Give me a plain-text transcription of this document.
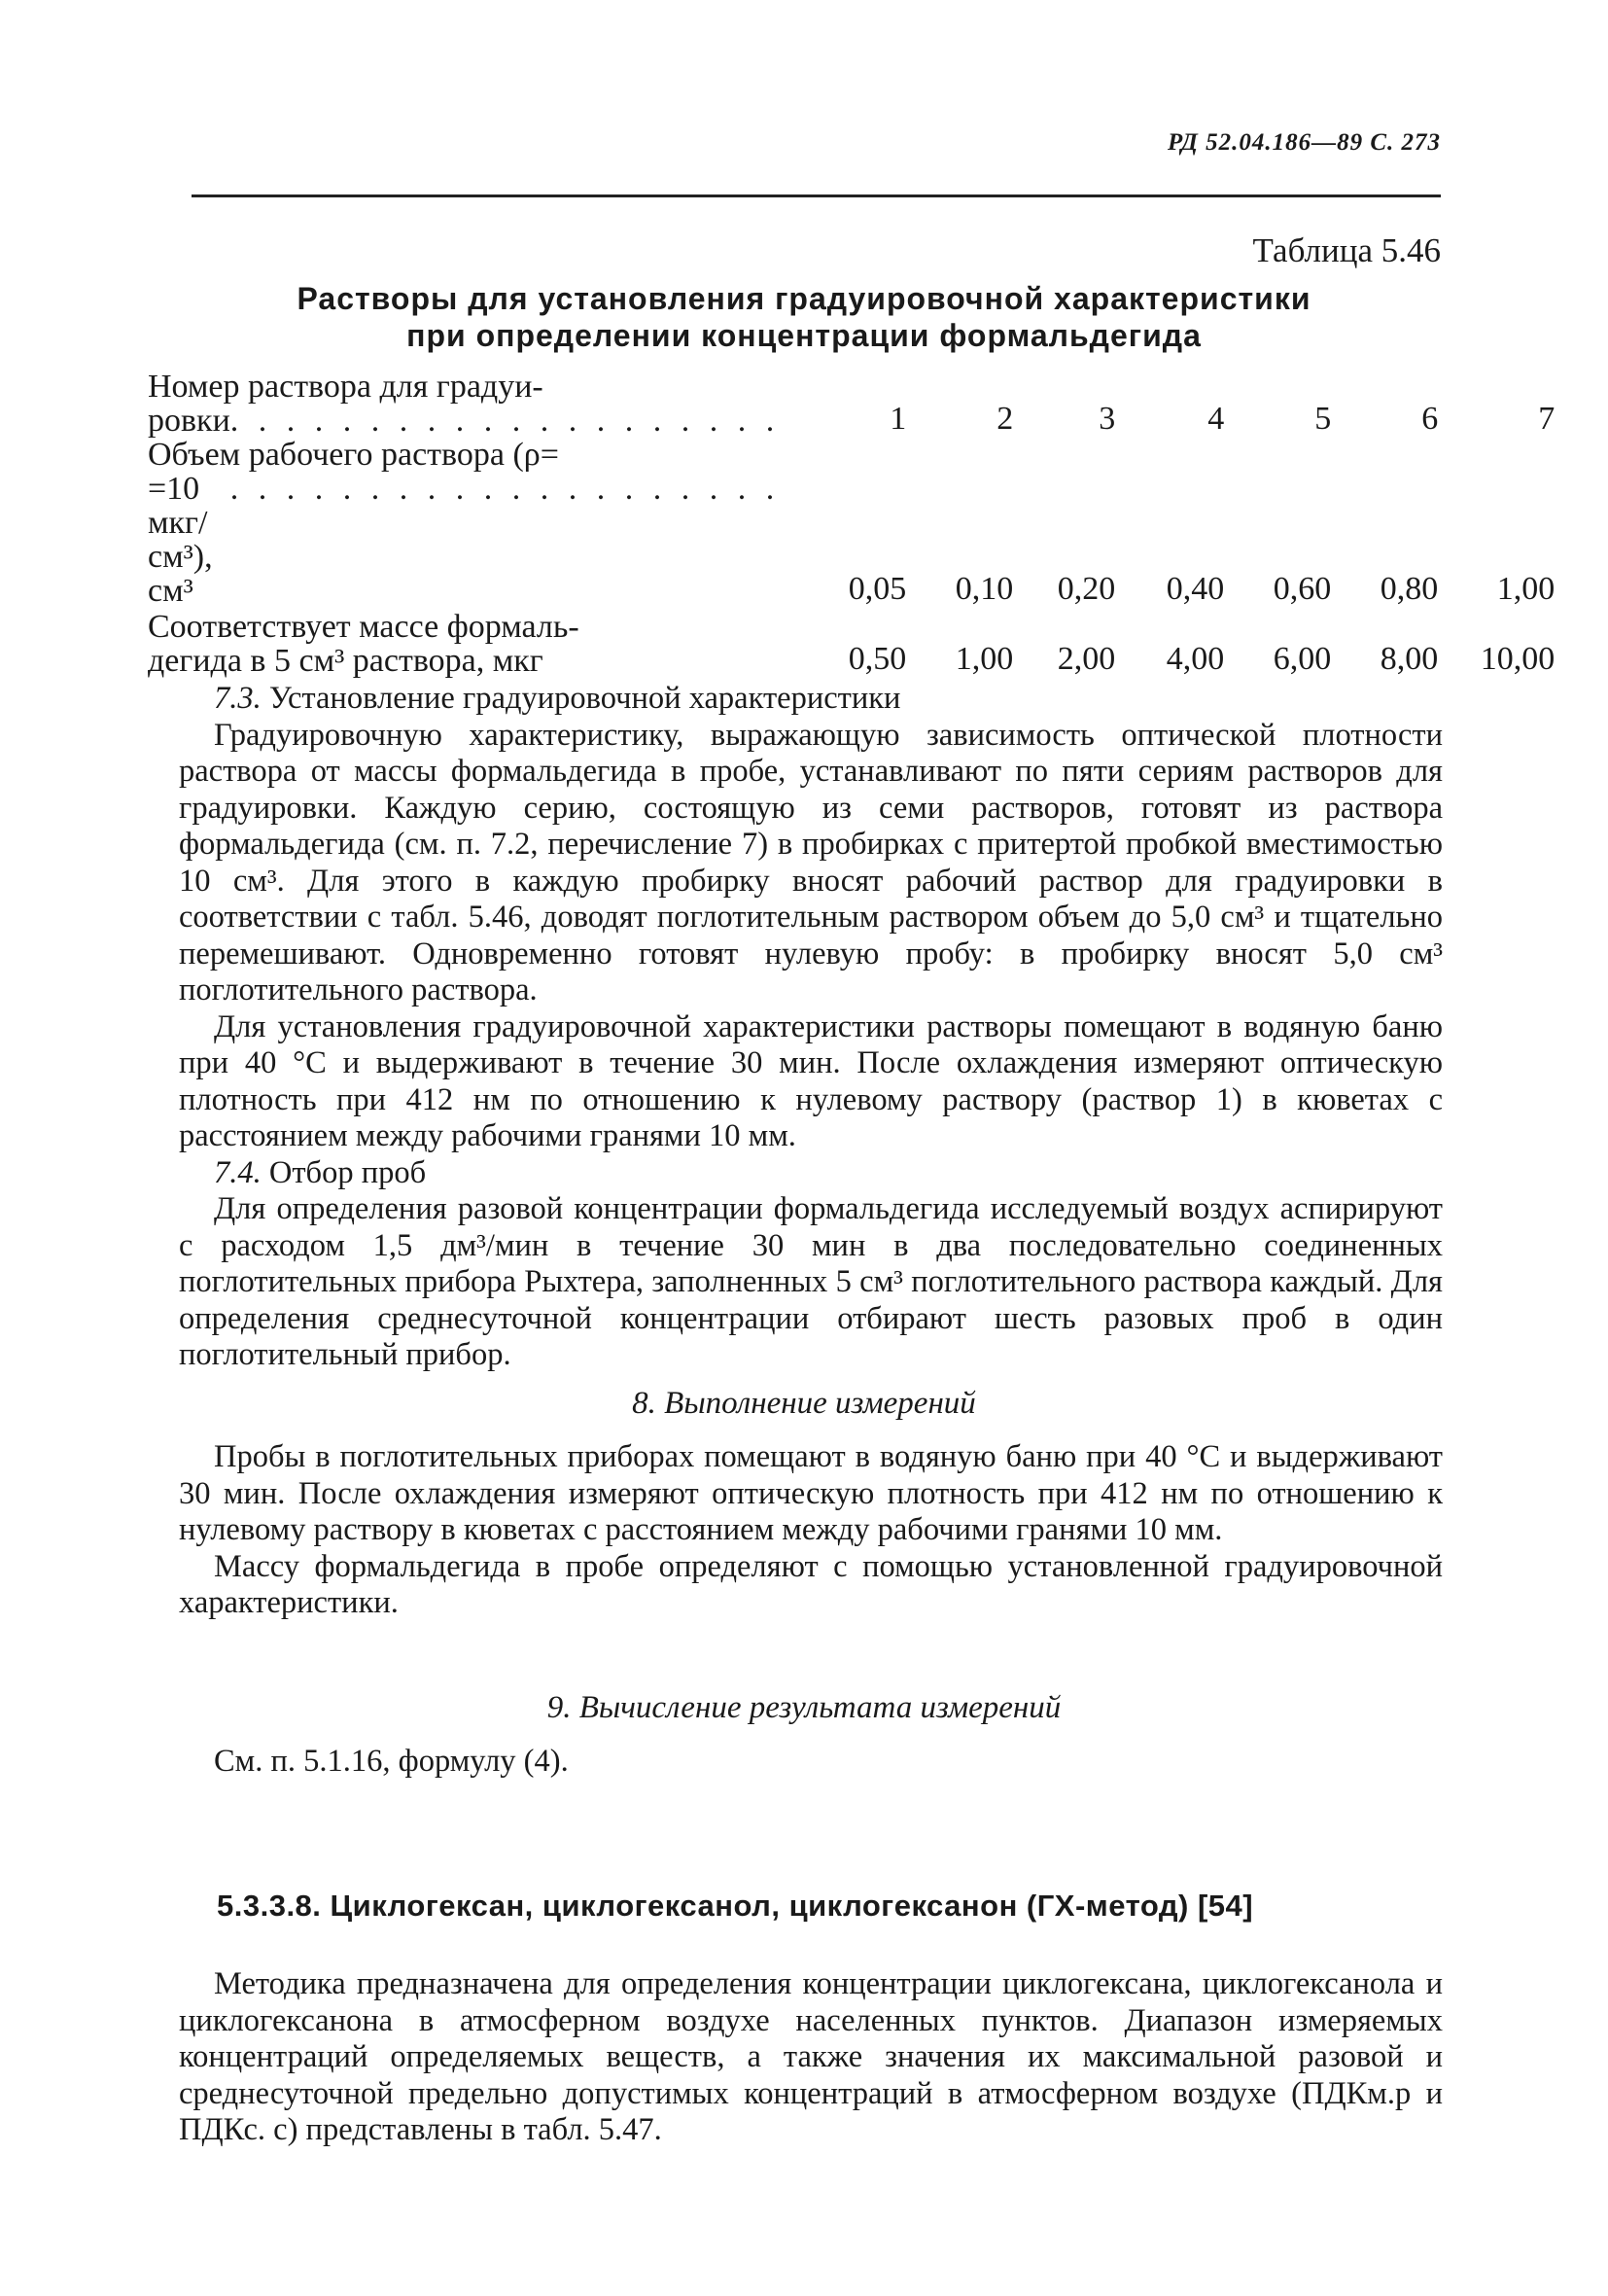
РД 52.04.186—89 С. 273
Таблица 5.46
Растворы для установления градуировочной характеристики
при определении концентрации формальдегида
Номер раствора для градуи-
ровки . . . . . . . . . . . . . . . . . . . .	1	2	3	4	5	6	7

Объем рабочего раствора (ρ=
=10 мкг/см³), см³
. . . . . . . . . . . . . . . . . . . .	0,05	0,10	0,20	0,40	0,60	0,80	1,00

Соответствует массе формаль-
дегида в 5 см³ раствора, мкг	0,50	1,00	2,00	4,00	6,00	8,00	10,00

7.3. Установление градуировочной характеристики

Градуировочную характеристику, выражающую зависимость оптической плотности раствора от массы формальдегида в пробе, устанавливают по пяти сериям растворов для градуировки. Каждую серию, состоящую из семи растворов, готовят из раствора формальдегида (см. п. 7.2, перечисление 7) в пробирках с притертой пробкой вместимостью 10 см³. Для этого в каждую пробирку вносят рабочий раствор для градуировки в соответствии с табл. 5.46, доводят поглотительным раствором объем до 5,0 см³ и тщательно перемешивают. Одновременно готовят нулевую пробу: в пробирку вносят 5,0 см³ поглотительного раствора.

Для установления градуировочной характеристики растворы помещают в водяную баню при 40 °С и выдерживают в течение 30 мин. После охлаждения измеряют оптическую плотность при 412 нм по отношению к нулевому раствору (раствор 1) в кюветах с расстоянием между рабочими гранями 10 мм.

7.4. Отбор проб

Для определения разовой концентрации формальдегида исследуемый воздух аспирируют с расходом 1,5 дм³/мин в течение 30 мин в два последовательно соединенных поглотительных прибора Рыхтера, заполненных 5 см³ поглотительного раствора каждый. Для определения среднесуточной концентрации отбирают шесть разовых проб в один поглотительный прибор.

8. Выполнение измерений

Пробы в поглотительных приборах помещают в водяную баню при 40 °С и выдерживают 30 мин. После охлаждения измеряют оптическую плотность при 412 нм по отношению к нулевому раствору в кюветах с расстоянием между рабочими гранями 10 мм.

Массу формальдегида в пробе определяют с помощью установленной градуировочной характеристики.

9. Вычисление результата измерений

См. п. 5.1.16, формулу (4).

5.3.3.8. Циклогексан, циклогексанол, циклогексанон (ГХ-метод) [54]

Методика предназначена для определения концентрации циклогексана, циклогексанола и циклогексанона в атмосферном воздухе населенных пунктов. Диапазон измеряемых концентраций определяемых веществ, а также значения их максимальной разовой и среднесуточной предельно допустимых концентраций в атмосферном воздухе (ПДКм.р и ПДКс. с) представлены в табл. 5.47.
